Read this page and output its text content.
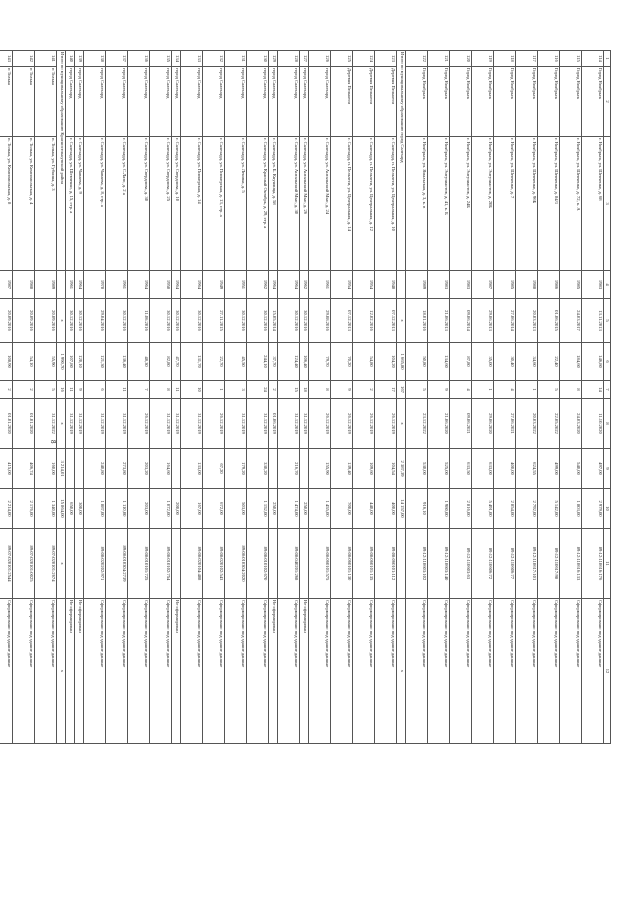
8
1	2	3	4	5	6	7	8	9	10	11	12
114	Город Ноябрьск	г. Ноябрьск, ул. Шевченко, д. 68	1983	13.11.2013	146,80	14	11.10.2020	497,00	2 979,00	89:12:110616:176	Сформировано под здание данные
115	Город Ноябрьск	г. Ноябрьск, ул. Шевченко, д. 72, к. А	1985	24.03.2017	184,60	8	24.03.2020	540,00	1 803,00	89:12:110616:133	Сформировано под здание данные
116	Город Ноябрьск	г. Ноябрьск, ул. Шевченко, д. 84/1	1986	01.06.2015	22,40	5	22.05.2022	499,00	5 142,00	89:12:110617:98	Сформировано под здание данные
117	Город Ноябрьск	г. Ноябрьск, ул. Шевченко, д. 96Б	1988	20.03.2013	34,60	1	20.03.2022	624,55	2 792,00	89:12:110617:101	Сформировано под здание данные
118	Город Ноябрьск	г. Ноябрьск, ул. Шевченко, д. 7	1985	27.06.2014	30,40	4	27.06.2021	400,00	2 854,00	89:12:110606:77	Сформировано под здание данные
119	Город Ноябрьск	г. Ноябрьск, ул. Энтузиастов, д. 20Б	1987	29.06.2013	35,00	1	29.06.2020	633,00	5 491,00	89:12:110606:72	Сформировано под здание данные
120	Город Ноябрьск	г. Ноябрьск, ул. Энтузиастов, д. 24Б	1983	09.06.2014	87,80	4	09.06.2021	633,50	2 816,00	89:12:110603:63	Сформировано под здание данные
121	Город Ноябрьск	г. Ноябрьск, ул. Энтузиастов, д. 41, к. Б	1983	21.06.2013	134,60	9	21.06.2020	525,00	1 980,00	89:12:110603:140	Сформировано под здание данные
122	Город Ноябрьск	г. Ноябрьск, ул. Ямальская, д. 3, к. в	1989	18.01.2016	50,80	5	23.12.2022	530,00	916,10	89:12:110603:102	Сформировано под здание данные
Итого по муниципальному образованию город Салехард				х	1 665,80	167	х	2 387,39	14 157,00		х
123	Деревня Пелькеси	г. Салехард, п. Пельзеси, ул. Центральная, д. 10	1948	07.12.2013	104,20	17	26.12.2019	104,54	400,00	89:08:060101:112	Сформировано под здание данные
124	Деревня Пелькеси	г. Салехард, п. Пельзеси, ул. Центральная, д. 12	1954	12.02.2016	54,80	2	26.12.2019	109,60	440,00	89:08:060101:135	Сформировано под здание данные
125	Деревня Пелькеси	г. Салехард, п. Пельзеси, ул. Центральная, д. 14	1954	07.12.2013	70,20	9	26.12.2019	139,40	700,00	89:08:060101:130	Сформировано под здание данные
126	город Салехард	г. Салехард, ул. Ангальский Мыс, д. 24	1961	29.08.2016	79,70	8	26.12.2019	155,90	1 455,00	89:08:060101:575	Сформировано под здание данные
127	город Салехард	г. Салехард, ул. Ангальский Мыс, д. 26	1962	30.12.2016	106,40	18	31.12.2019		250,00		Не сформирован
128	город Салехард	г. Салехард, ул. Ангальский Мыс, д. 30	1964	30.12.2016	124,40	15	31.12.2019	216,70	1 474,00	89:08:040201:268	Сформировано под здание данные
129	город Салехард	г. Салехард, ул. Б. Кнунянца, д. 58	1964	15.05.2014	37,70	2	01.06.2019		250,00		Не сформирован
130	город Салехард	г. Салехард, ул. Красный Октябрь, д. 29, стр. а	1962	30.12.2016	244,10	24	31.12.2019	330,20	1 152,00	89:08:010102:670	Сформировано под здание данные
131	город Салехард	г. Салехард, ул. Ленина, д. 5	1951	30.12.2016	45,50	3	31.12.2019	179,20	503,00	89:08:010304:2020	Сформировано под здание данные
132	город Салехард	г. Салехард, ул. Пионерская, д. 13, стр. а	1949	27.11.2015	22,70	1	26.12.2019	67,20	672,00	89:08:020102:543	Сформировано под здание данные
133	город Салехард	г. Салехард, ул. Пионерская, д. 14	1964	30.12.2016	131,70	10	31.12.2019	133,00	167,00	89:08:020104:488	Сформировано под здание данные
134	город Салехард	г. Салехард, ул. Свердлова, д. 10	1964	30.12.2016	47,70	11	31.12.2019		200,00		Не сформирован
135	город Салехард	г. Салехард, ул. Свердлова, д. 25	1958	30.12.2016	82,80	8	31.12.2019	164,60	1 072,00	89:08:010102:754	Сформировано под здание данные
136	город Салехард	г. Салехард, ул. Свердлова, д. 30	1964	11.06.2016	48,30	7	26.12.2019	203,20	203,00	89:08:010101:725	Сформировано под здание данные
137	город Салехард	г. Салехард, ул. С.Лазо, д. 2 а	1961	30.12.2016	136,40	11	31.12.2019	273,80	1 110,00	89:08:010304:2739	Сформировано под здание данные
138	город Салехард	г. Салехард, ул. Чапаева, д. 8, стр. а	1978	29.04.2016	121,30	6	31.12.2019	240,80	1 887,00	89:08:020202:971	Сформировано под здание данные
139	город Салехард	г. Салехард, ул. Чапаева, д. 9	1964	30.12.2016	120,10	9	31.12.2019		300,00		Не сформирован
140	город Салехард	г. Салехард, ул. Шевченко, д. 15, стр. а	1961	30.12.2016	107,80	11	31.12.2019		650,00		Не сформирован
Итого по муниципальному образованию Красноселькупский район				х	1 990,70	16	х	3 214,01	15 864,00	х	х
141	п Толька	п. Толька, ул. Губкина, д. 3	1989	20.09.2016	55,90	5	31.12.2022	160,00	1 340,00	89:07:020101:2674	Сформировано под здание данные
142	п Толька	п. Толька, ул. Комсомольская, д. 4	1988	20.09.2016	54,10	2	01.01.2020	406,74	2 176,00	89:07:020101:0025	Сформировано под здание данные
143	п Толька	п. Толька, ул. Комсомольская, д. 8	1987	20.09.2016	108,90	2	01.01.2020	415,00	2 214,00	89:07:020101:2544	Сформировано под здание данные
